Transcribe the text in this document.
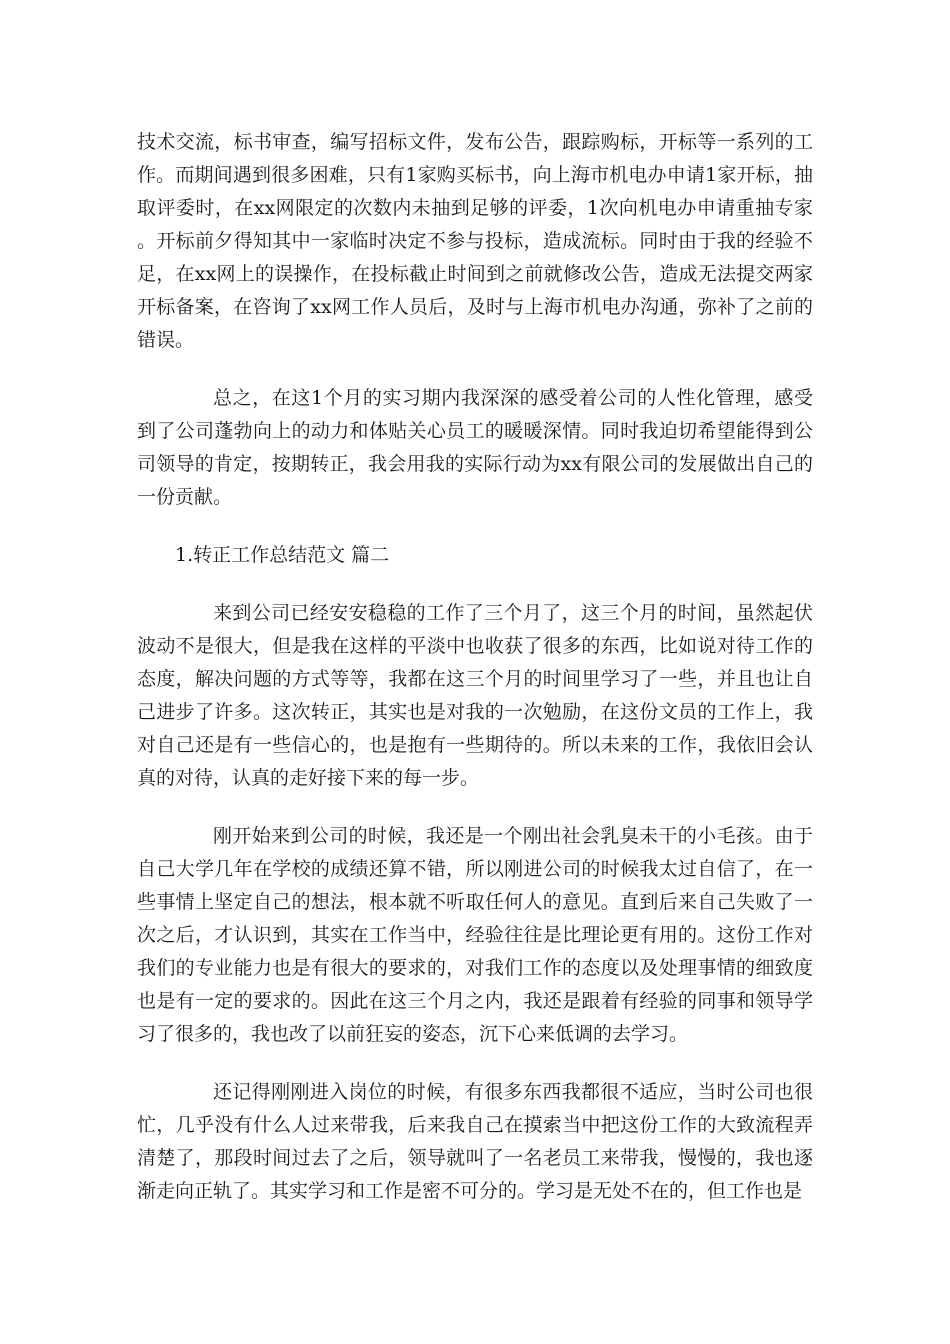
技术交流，标书审查，编写招标文件，发布公告，跟踪购标，开标等一系列的工作。而期间遇到很多困难，只有1家购买标书，向上海市机电办申请1家开标，抽取评委时，在xx网限定的次数内未抽到足够的评委，1次向机电办申请重抽专家。开标前夕得知其中一家临时决定不参与投标，造成流标。同时由于我的经验不足，在xx网上的误操作，在投标截止时间到之前就修改公告，造成无法提交两家开标备案，在咨询了xx网工作人员后，及时与上海市机电办沟通，弥补了之前的错误。

总之，在这1个月的实习期内我深深的感受着公司的人性化管理，感受到了公司蓬勃向上的动力和体贴关心员工的暖暖深情。同时我迫切希望能得到公司领导的肯定，按期转正，我会用我的实际行动为xx有限公司的发展做出自己的一份贡献。

1.转正工作总结范文 篇二

来到公司已经安安稳稳的工作了三个月了，这三个月的时间，虽然起伏波动不是很大，但是我在这样的平淡中也收获了很多的东西，比如说对待工作的态度，解决问题的方式等等，我都在这三个月的时间里学习了一些，并且也让自己进步了许多。这次转正，其实也是对我的一次勉励，在这份文员的工作上，我对自己还是有一些信心的，也是抱有一些期待的。所以未来的工作，我依旧会认真的对待，认真的走好接下来的每一步。

刚开始来到公司的时候，我还是一个刚出社会乳臭未干的小毛孩。由于自己大学几年在学校的成绩还算不错，所以刚进公司的时候我太过自信了，在一些事情上坚定自己的想法，根本就不听取任何人的意见。直到后来自己失败了一次之后，才认识到，其实在工作当中，经验往往是比理论更有用的。这份工作对我们的专业能力也是有很大的要求的，对我们工作的态度以及处理事情的细致度也是有一定的要求的。因此在这三个月之内，我还是跟着有经验的同事和领导学习了很多的，我也改了以前狂妄的姿态，沉下心来低调的去学习。

还记得刚刚进入岗位的时候，有很多东西我都很不适应，当时公司也很忙，几乎没有什么人过来带我，后来我自己在摸索当中把这份工作的大致流程弄清楚了，那段时间过去了之后，领导就叫了一名老员工来带我，慢慢的，我也逐渐走向正轨了。其实学习和工作是密不可分的。学习是无处不在的，但工作也是
